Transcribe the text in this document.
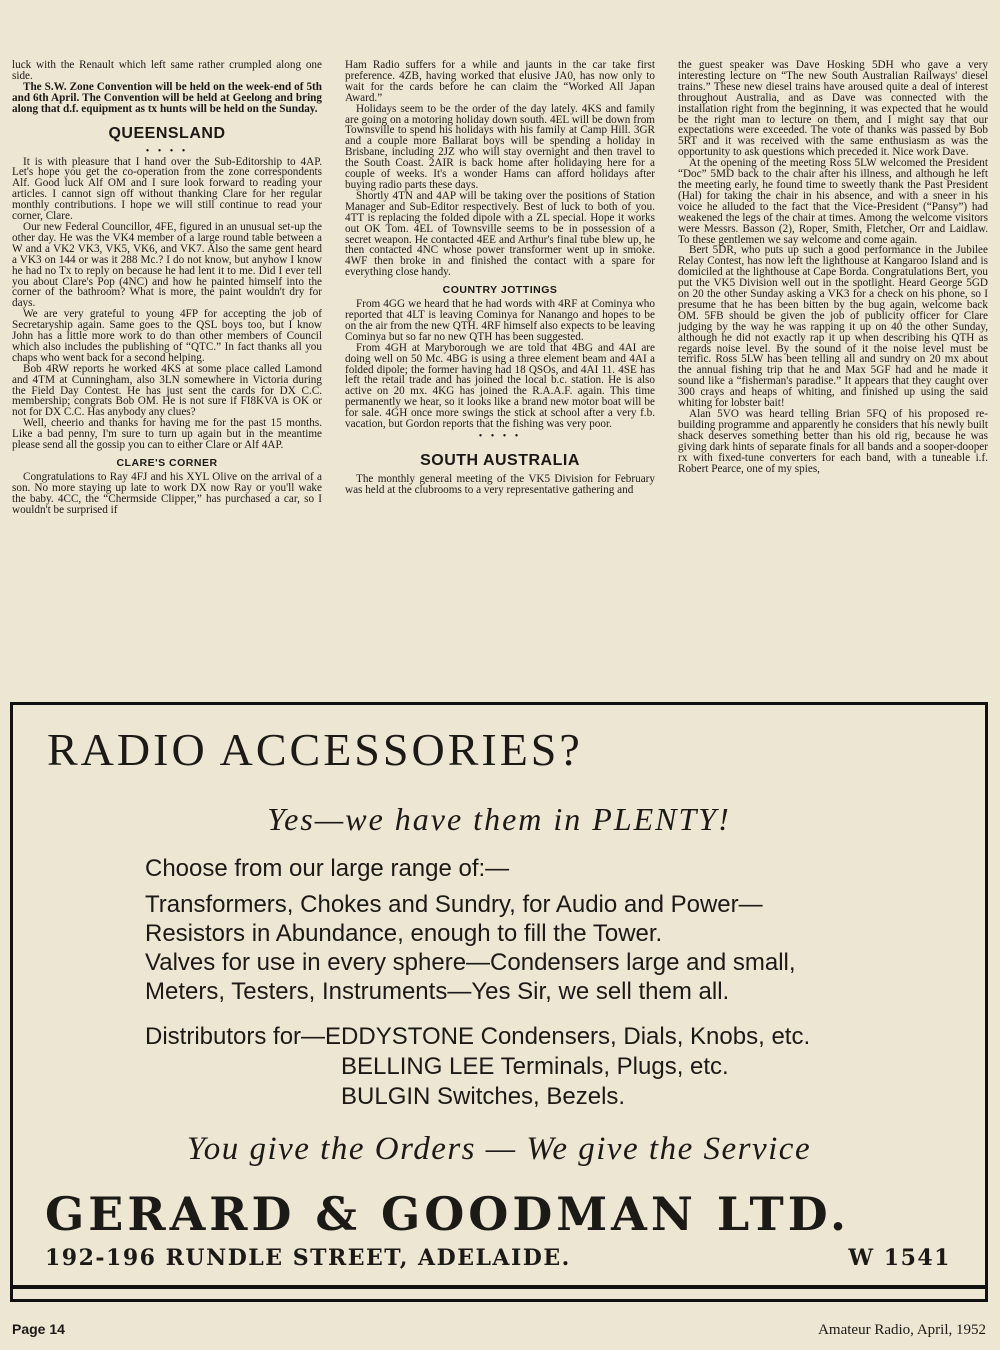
luck with the Renault which left same rather crumpled along one side.

The S.W. Zone Convention will be held on the week-end of 5th and 6th April. The Convention will be held at Geelong and bring along that d.f. equipment as tx hunts will be held on the Sunday.

QUEENSLAND
• • • •

It is with pleasure that I hand over the Sub-Editorship to 4AP. Let's hope you get the co-operation from the zone correspondents Alf. Good luck Alf OM and I sure look forward to reading your articles. I cannot sign off without thanking Clare for her regular monthly contributions. I hope we will still continue to read your corner, Clare.

Our new Federal Councillor, 4FE, figured in an unusual set-up the other day. He was the VK4 member of a large round table between a W and a VK2 VK3, VK5, VK6, and VK7. Also the same gent heard a VK3 on 144 or was it 288 Mc.? I do not know, but anyhow I know he had no Tx to reply on because he had lent it to me. Did I ever tell you about Clare's Pop (4NC) and how he painted himself into the corner of the bathroom? What is more, the paint wouldn't dry for days.

We are very grateful to young 4FP for accepting the job of Secretaryship again. Same goes to the QSL boys too, but I know John has a little more work to do than other members of Council which also includes the publishing of “QTC.” In fact thanks all you chaps who went back for a second helping.

Bob 4RW reports he worked 4KS at some place called Lamond and 4TM at Cunningham, also 3LN somewhere in Victoria during the Field Day Contest. He has just sent the cards for DX C.C. membership; congrats Bob OM. He is not sure if FI8KVA is OK or not for DX C.C. Has anybody any clues?

Well, cheerio and thanks for having me for the past 15 months. Like a bad penny, I'm sure to turn up again but in the meantime please send all the gossip you can to either Clare or Alf 4AP.

CLARE'S CORNER

Congratulations to Ray 4FJ and his XYL Olive on the arrival of a son. No more staying up late to work DX now Ray or you'll wake the baby. 4CC, the “Chermside Clipper,” has purchased a car, so I wouldn't be surprised if

Ham Radio suffers for a while and jaunts in the car take first preference. 4ZB, having worked that elusive JA0, has now only to wait for the cards before he can claim the “Worked All Japan Award.”

Holidays seem to be the order of the day lately. 4KS and family are going on a motoring holiday down south. 4EL will be down from Townsville to spend his holidays with his family at Camp Hill. 3GR and a couple more Ballarat boys will be spending a holiday in Brisbane, including 2JZ who will stay overnight and then travel to the South Coast. 2AIR is back home after holidaying here for a couple of weeks. It's a wonder Hams can afford holidays after buying radio parts these days.

Shortly 4TN and 4AP will be taking over the positions of Station Manager and Sub-Editor respectively. Best of luck to both of you. 4TT is replacing the folded dipole with a ZL special. Hope it works out OK Tom. 4EL of Townsville seems to be in possession of a secret weapon. He contacted 4EE and Arthur's final tube blew up, he then contacted 4NC whose power transformer went up in smoke. 4WF then broke in and finished the contact with a spare for everything close handy.

COUNTRY JOTTINGS

From 4GG we heard that he had words with 4RF at Cominya who reported that 4LT is leaving Cominya for Nanango and hopes to be on the air from the new QTH. 4RF himself also expects to be leaving Cominya but so far no new QTH has been suggested.

From 4GH at Maryborough we are told that 4BG and 4AI are doing well on 50 Mc. 4BG is using a three element beam and 4AI a folded dipole; the former having had 18 QSOs, and 4AI 11. 4SE has left the retail trade and has joined the local b.c. station. He is also active on 20 mx. 4KG has joined the R.A.A.F. again. This time permanently we hear, so it looks like a brand new motor boat will be for sale. 4GH once more swings the stick at school after a very f.b. vacation, but Gordon reports that the fishing was very poor.

• • • •
SOUTH AUSTRALIA

The monthly general meeting of the VK5 Division for February was held at the clubrooms to a very representative gathering and

the guest speaker was Dave Hosking 5DH who gave a very interesting lecture on “The new South Australian Railways' diesel trains.” These new diesel trains have aroused quite a deal of interest throughout Australia, and as Dave was connected with the installation right from the beginning, it was expected that he would be the right man to lecture on them, and I might say that our expectations were exceeded. The vote of thanks was passed by Bob 5RT and it was received with the same enthusiasm as was the opportunity to ask questions which preceded it. Nice work Dave.

At the opening of the meeting Ross 5LW welcomed the President “Doc” 5MD back to the chair after his illness, and although he left the meeting early, he found time to sweetly thank the Past President (Hal) for taking the chair in his absence, and with a sneer in his voice he alluded to the fact that the Vice-President (“Pansy”) had weakened the legs of the chair at times. Among the welcome visitors were Messrs. Basson (2), Roper, Smith, Fletcher, Orr and Laidlaw. To these gentlemen we say welcome and come again.

Bert 5DR, who puts up such a good performance in the Jubilee Relay Contest, has now left the lighthouse at Kangaroo Island and is domiciled at the lighthouse at Cape Borda. Congratulations Bert, you put the VK5 Division well out in the spotlight. Heard George 5GD on 20 the other Sunday asking a VK3 for a check on his phone, so I presume that he has been bitten by the bug again, welcome back OM. 5FB should be given the job of publicity officer for Clare judging by the way he was rapping it up on 40 the other Sunday, although he did not exactly rap it up when describing his QTH as regards noise level. By the sound of it the noise level must be terrific. Ross 5LW has been telling all and sundry on 20 mx about the annual fishing trip that he and Max 5GF had and he made it sound like a “fisherman's paradise.” It appears that they caught over 300 crays and heaps of whiting, and finished up using the said whiting for lobster bait!

Alan 5VO was heard telling Brian 5FQ of his proposed re-building programme and apparently he considers that his newly built shack deserves something better than his old rig, because he was giving dark hints of separate finals for all bands and a sooper-dooper rx with fixed-tune converters for each band, with a tuneable i.f. Robert Pearce, one of my spies,

RADIO ACCESSORIES?
Yes—we have them in PLENTY!
Choose from our large range of:—
Transformers, Chokes and Sundry, for Audio and Power—
Resistors in Abundance, enough to fill the Tower.
Valves for use in every sphere—Condensers large and small,
Meters, Testers, Instruments—Yes Sir, we sell them all.
Distributors for—EDDYSTONE Condensers, Dials, Knobs, etc.
BELLING LEE Terminals, Plugs, etc.
BULGIN Switches, Bezels.
You give the Orders — We give the Service
GERARD & GOODMAN LTD.
192-196 RUNDLE STREET, ADELAIDE.	W 1541
Page 14	Amateur Radio, April, 1952
